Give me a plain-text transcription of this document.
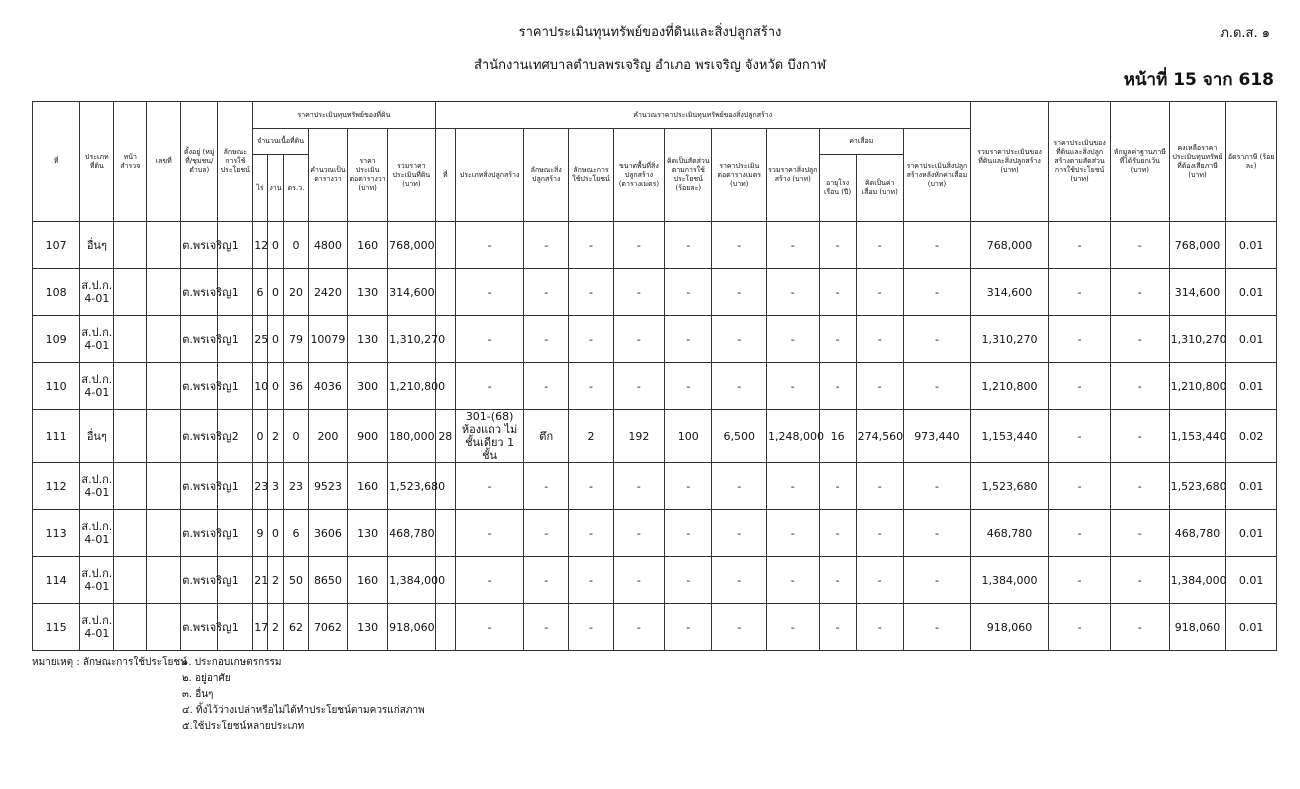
ราคาประเมินทุนทรัพย์ของที่ดินและสิ่งปลูกสร้าง
สำนักงานเทศบาลตำบลพรเจริญ อำเภอ พรเจริญ จังหวัด บึงกาฬ
ภ.ด.ส. ๑
หน้าที่ 15 จาก 618
ที่	ประเภทที่ดิน	หน้าสำรวจ	เลขที่	ตั้งอยู่ (หมู่ที่/ชุมชน/ตำบล)	ลักษณะการใช้ประโยชน์	ราคาประเมินทุนทรัพย์ของที่ดิน						คำนวณราคาประเมินทุนทรัพย์ของสิ่งปลูกสร้าง											รวมราคาประเมินของที่ดินและสิ่งปลูกสร้าง (บาท)	ราคาประเมินของที่ดินและสิ่งปลูกสร้างตามสัดส่วนการใช้ประโยชน์ (บาท)	หักมูลค่าฐานภาษีที่ได้รับยกเว้น (บาท)	คงเหลือราคาประเมินทุนทรัพย์ที่ต้องเสียภาษี (บาท)	อัตราภาษี (ร้อยละ)
						จำนวนเนื้อที่ดิน			คำนวณเป็นตารางวา	ราคาประเมินต่อตารางวา (บาท)	รวมราคาประเมินที่ดิน (บาท)	ที่	ประเภทสิ่งปลูกสร้าง	ลักษณะสิ่งปลูกสร้าง	ลักษณะการใช้ประโยชน์	ขนาดพื้นที่สิ่งปลูกสร้าง (ตารางเมตร)	คิดเป็นสัดส่วนตามการใช้ประโยชน์ (ร้อยละ)	ราคาประเมินต่อตารางเมตร (บาท)	รวมราคาสิ่งปลูกสร้าง (บาท)	ค่าเสื่อม		ราคาประเมินสิ่งปลูกสร้างหลังหักค่าเสื่อม (บาท)					
						ไร่	งาน	ตร.ว.												อายุโรงเรือน (ปี)	คิดเป็นค่าเสื่อม (บาท)						
107	อื่นๆ			ต.พรเจริญ	1	12	0	0	4800	160	768,000		-	-	-	-	-	-	-	-	-	-	768,000	-	-	768,000	0.01
108	ส.ป.ก. 4-01			ต.พรเจริญ	1	6	0	20	2420	130	314,600		-	-	-	-	-	-	-	-	-	-	314,600	-	-	314,600	0.01
109	ส.ป.ก. 4-01			ต.พรเจริญ	1	25	0	79	10079	130	1,310,270		-	-	-	-	-	-	-	-	-	-	1,310,270	-	-	1,310,270	0.01
110	ส.ป.ก. 4-01			ต.พรเจริญ	1	10	0	36	4036	300	1,210,800		-	-	-	-	-	-	-	-	-	-	1,210,800	-	-	1,210,800	0.01
111	อื่นๆ			ต.พรเจริญ	2	0	2	0	200	900	180,000	28	301-(68) ห้องแถว ไม่ชั้นเดียว 1 ชั้น	ตึก	2	192	100	6,500	1,248,000	16	274,560	973,440	1,153,440	-	-	1,153,440	0.02
112	ส.ป.ก. 4-01			ต.พรเจริญ	1	23	3	23	9523	160	1,523,680		-	-	-	-	-	-	-	-	-	-	1,523,680	-	-	1,523,680	0.01
113	ส.ป.ก. 4-01			ต.พรเจริญ	1	9	0	6	3606	130	468,780		-	-	-	-	-	-	-	-	-	-	468,780	-	-	468,780	0.01
114	ส.ป.ก. 4-01			ต.พรเจริญ	1	21	2	50	8650	160	1,384,000		-	-	-	-	-	-	-	-	-	-	1,384,000	-	-	1,384,000	0.01
115	ส.ป.ก. 4-01			ต.พรเจริญ	1	17	2	62	7062	130	918,060		-	-	-	-	-	-	-	-	-	-	918,060	-	-	918,060	0.01
หมายเหตุ : ลักษณะการใช้ประโยชน์
๑. ประกอบเกษตรกรรม
๒. อยู่อาศัย
๓. อื่นๆ
๔. ทิ้งไว้ว่างเปล่าหรือไม่ได้ทำประโยชน์ตามควรแก่สภาพ
๕.ใช้ประโยชน์หลายประเภท
